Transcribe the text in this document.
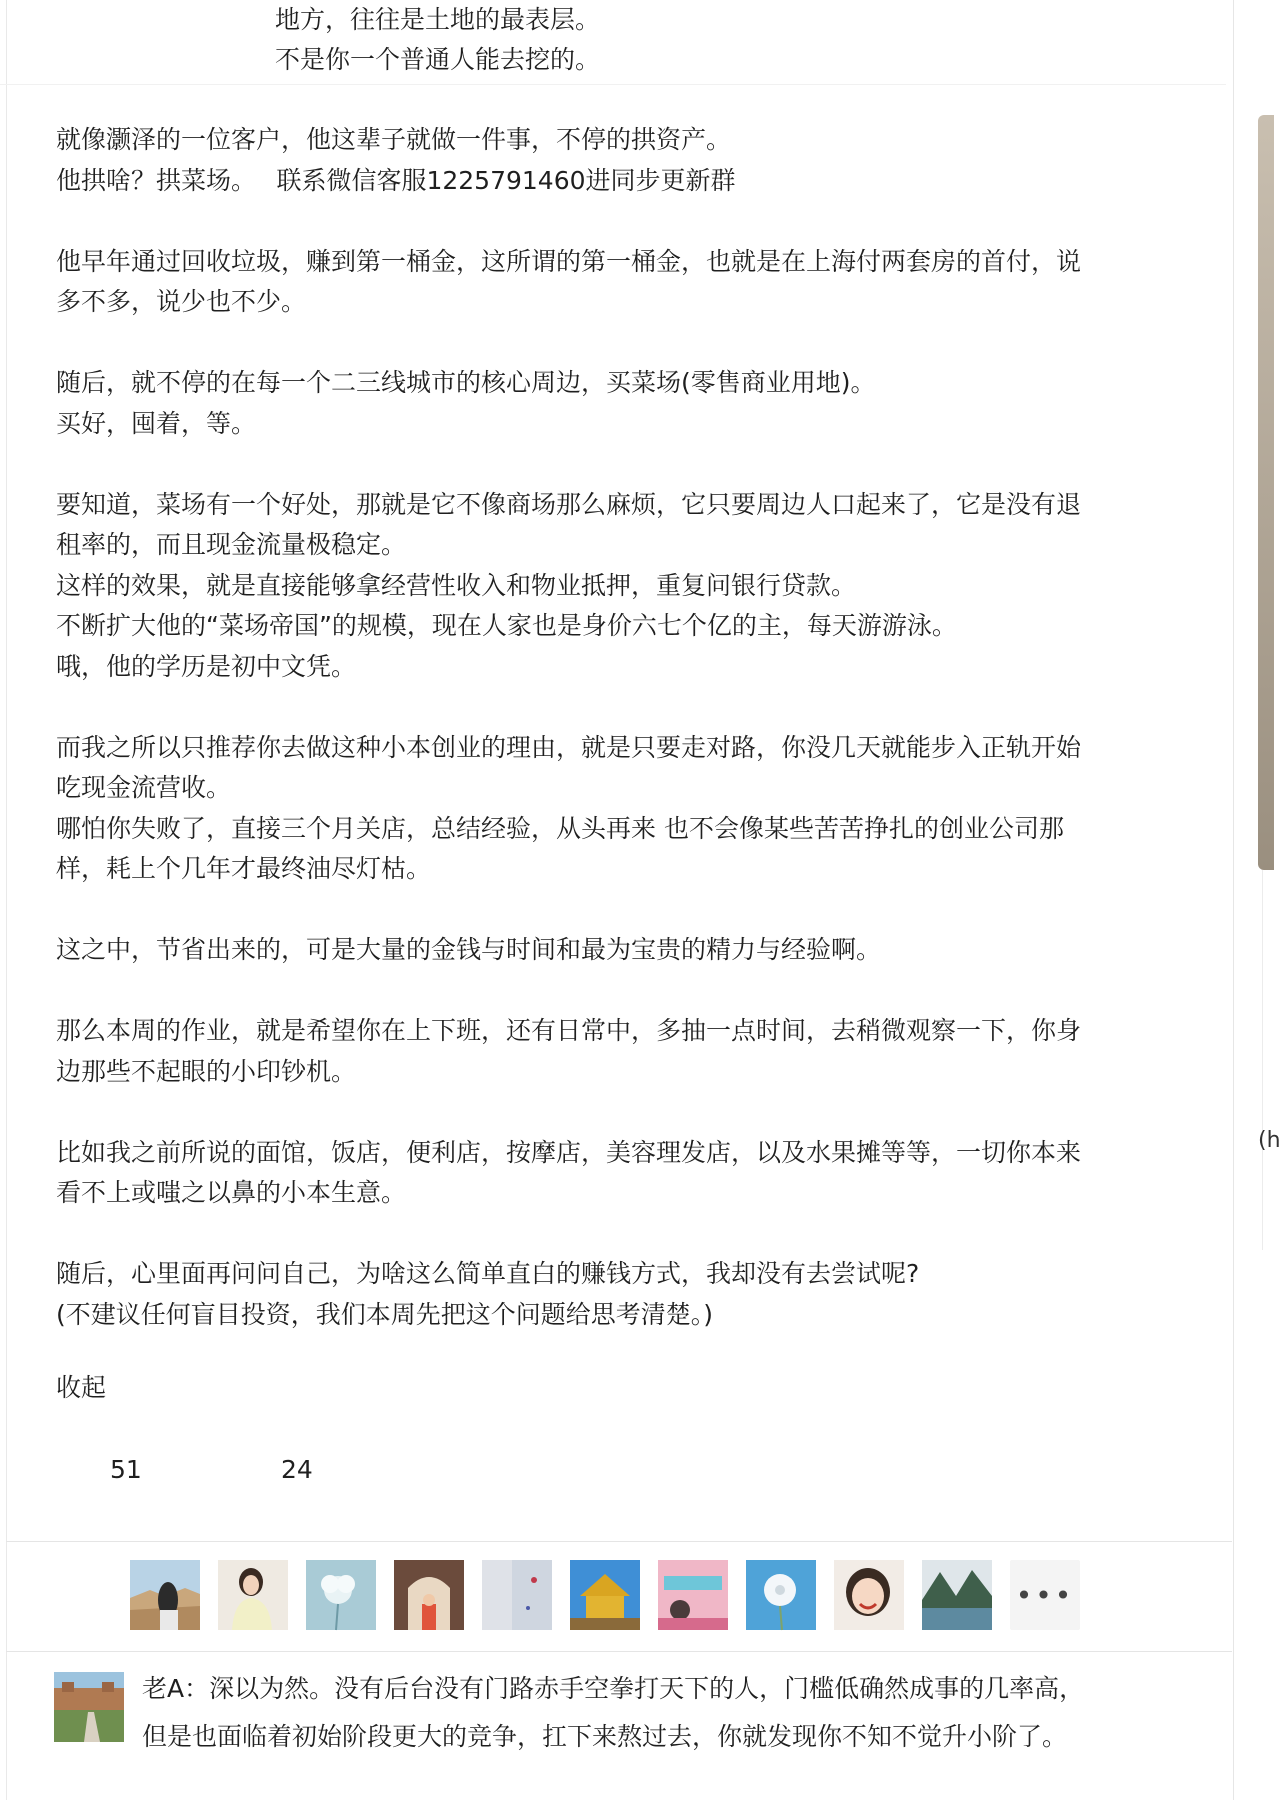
地方，往往是土地的最表层。
不是你一个普通人能去挖的。
就像灏泽的一位客户，他这辈子就做一件事，不停的拱资产。
他拱啥？拱菜场。　 联系微信客服1225791460进同步更新群
他早年通过回收垃圾，赚到第一桶金，这所谓的第一桶金，也就是在上海付两套房的首付，说
多不多，说少也不少。
随后，就不停的在每一个二三线城市的核心周边，买菜场(零售商业用地)。
买好，囤着，等。
要知道，菜场有一个好处，那就是它不像商场那么麻烦，它只要周边人口起来了，它是没有退
租率的，而且现金流量极稳定。
这样的效果，就是直接能够拿经营性收入和物业抵押，重复问银行贷款。
不断扩大他的“菜场帝国”的规模，现在人家也是身价六七个亿的主，每天游游泳。
哦，他的学历是初中文凭。
而我之所以只推荐你去做这种小本创业的理由，就是只要走对路，你没几天就能步入正轨开始
吃现金流营收。
哪怕你失败了，直接三个月关店，总结经验，从头再来 也不会像某些苦苦挣扎的创业公司那
样，耗上个几年才最终油尽灯枯。
这之中，节省出来的，可是大量的金钱与时间和最为宝贵的精力与经验啊。
那么本周的作业，就是希望你在上下班，还有日常中，多抽一点时间，去稍微观察一下，你身
边那些不起眼的小印钞机。
比如我之前所说的面馆，饭店，便利店，按摩店，美容理发店，以及水果摊等等，一切你本来
看不上或嗤之以鼻的小本生意。
随后，心里面再问问自己，为啥这么简单直白的赚钱方式，我却没有去尝试呢?
(不建议任何盲目投资，我们本周先把这个问题给思考清楚。)
收起
51	24
•••
老A：深以为然。没有后台没有门路赤手空拳打天下的人，门槛低确然成事的几率高，
但是也面临着初始阶段更大的竞争，扛下来熬过去，你就发现你不知不觉升小阶了。
(h
